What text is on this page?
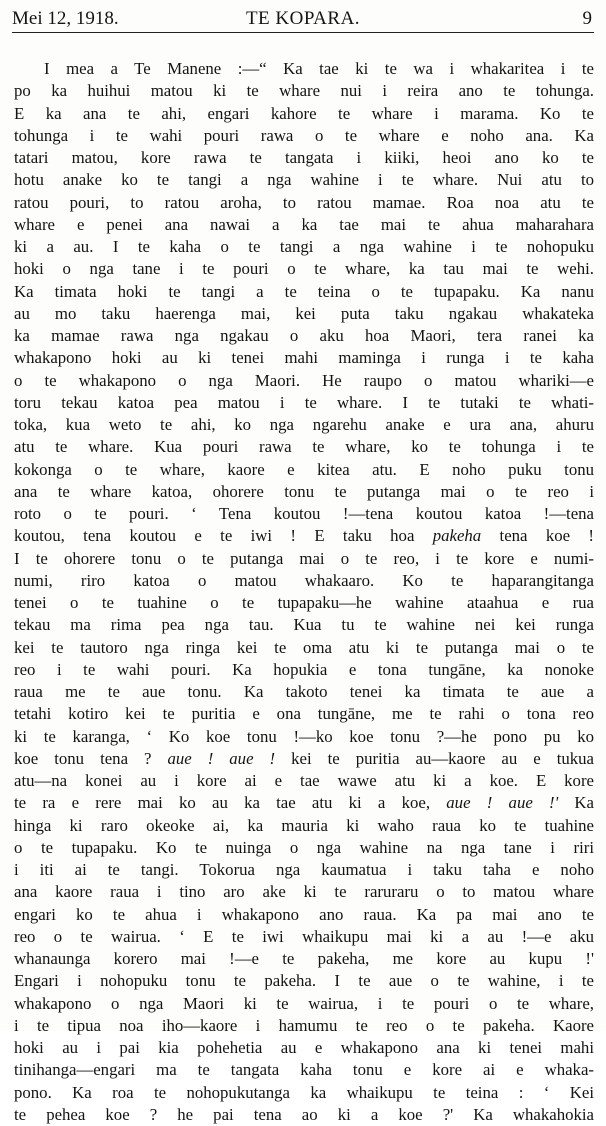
Mei 12, 1918.	TE KOPARA.	9
I mea a Te Manene :—“ Ka tae ki te wa i whakaritea i te
po ka huihui matou ki te whare nui i reira ano te tohunga.
E ka ana te ahi, engari kahore te whare i marama. Ko te
tohunga i te wahi pouri rawa o te whare e noho ana. Ka
tatari matou, kore rawa te tangata i kiiki, heoi ano ko te
hotu anake ko te tangi a nga wahine i te whare. Nui atu to
ratou pouri, to ratou aroha, to ratou mamae. Roa noa atu te
whare e penei ana nawai a ka tae mai te ahua maharahara
ki a au. I te kaha o te tangi a nga wahine i te nohopuku
hoki o nga tane i te pouri o te whare, ka tau mai te wehi.
Ka timata hoki te tangi a te teina o te tupapaku. Ka nanu
au mo taku haerenga mai, kei puta taku ngakau whakateka
ka mamae rawa nga ngakau o aku hoa Maori, tera ranei ka
whakapono hoki au ki tenei mahi maminga i runga i te kaha
o te whakapono o nga Maori. He raupo o matou whariki—e
toru tekau katoa pea matou i te whare. I te tutaki te whati-
toka, kua weto te ahi, ko nga ngarehu anake e ura ana, ahuru
atu te whare. Kua pouri rawa te whare, ko te tohunga i te
kokonga o te whare, kaore e kitea atu. E noho puku tonu
ana te whare katoa, ohorere tonu te putanga mai o te reo i
roto o te pouri. ‘ Tena koutou !—tena koutou katoa !—tena
koutou, tena koutou e te iwi ! E taku hoa pakeha tena koe !
I te ohorere tonu o te putanga mai o te reo, i te kore e numi-
numi, riro katoa o matou whakaaro. Ko te haparangitanga
tenei o te tuahine o te tupapaku—he wahine ataahua e rua
tekau ma rima pea nga tau. Kua tu te wahine nei kei runga
kei te tautoro nga ringa kei te oma atu ki te putanga mai o te
reo i te wahi pouri. Ka hopukia e tona tungāne, ka nonoke
raua me te aue tonu. Ka takoto tenei ka timata te aue a
tetahi kotiro kei te puritia e ona tungāne, me te rahi o tona reo
ki te karanga, ‘ Ko koe tonu !—ko koe tonu ?—he pono pu ko
koe tonu tena ? aue ! aue ! kei te puritia au—kaore au e tukua
atu—na konei au i kore ai e tae wawe atu ki a koe. E kore
te ra e rere mai ko au ka tae atu ki a koe, aue ! aue !' Ka
hinga ki raro okeoke ai, ka mauria ki waho raua ko te tuahine
o te tupapaku. Ko te nuinga o nga wahine na nga tane i riri
i iti ai te tangi. Tokorua nga kaumatua i taku taha e noho
ana kaore raua i tino aro ake ki te raruraru o to matou whare
engari ko te ahua i whakapono ano raua. Ka pa mai ano te
reo o te wairua. ‘ E te iwi whaikupu mai ki a au !—e aku
whanaunga korero mai !—e te pakeha, me kore au kupu !'
Engari i nohopuku tonu te pakeha. I te aue o te wahine, i te
whakapono o nga Maori ki te wairua, i te pouri o te whare,
i te tipua noa iho—kaore i hamumu te reo o te pakeha. Kaore
hoki au i pai kia pohehetia au e whakapono ana ki tenei mahi
tinihanga—engari ma te tangata kaha tonu e kore ai e whaka-
pono. Ka roa te nohopukutanga ka whaikupu te teina : ‘ Kei
te pehea koe ? he pai tena ao ki a koe ?' Ka whakahokia
